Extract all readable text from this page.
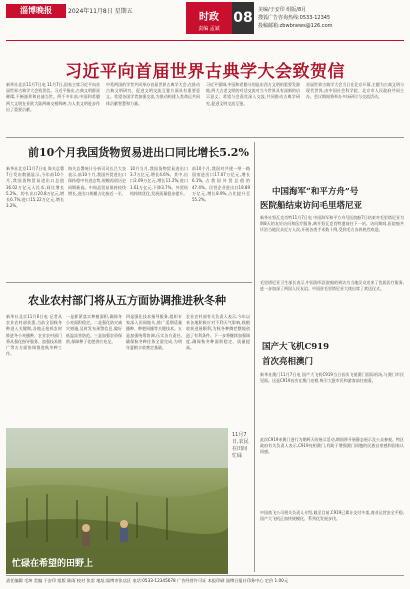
淄博晚报	2024年11月8日 星期五
时政
责编 孟斌
08 美编/于安印 组版/8月
搜狐广告咨询热线:0533-12345
投稿邮箱:zbwbnews@126.com
习近平向首届世界古典学大会致贺信
新华社北京11月7日电 11月7日,国家主席习近平向首届世界古典学大会致贺信。习近平指出,古典文明群星璀璨,不断滋养和启迪当世。两千多年前,中国和希腊两大文明在亚欧大陆两端交相辉映,为人类文明进步作出了重要贡献。
中希两国的学者共同举办首届世界古典学大会,在推动古典文明研究、促进文明交流互鉴方面具有重要意义。希望各国学者加强交流,为推动构建人类命运共同体贡献智慧和力量。
习近平强调,中国和希腊分别是东西方文明的重要发源地,两大古老文明的对话交流对当今世界具有深刻的启示意义。希望与会嘉宾深入交流,共同推动古典学研究,促进文明交流互鉴。
首届世界古典学大会当日在北京开幕,主题为古典文明与现代世界,由中国社会科学院、北京市人民政府共同主办。会议期间将举办多场研讨与交流活动。
前10个月我国货物贸易进出口同比增长5.2%
新华社北京11月7日电 海关总署7日发布数据显示,今年前10个月,我国货物贸易进出口总值36.02万亿元人民币,同比增长5.2%。其中,出口20.8万亿元,增长6.7%;进口15.22万亿元,增长3.2%。
海关总署统计分析司司长吕大良表示,前10个月,我国外贸进出口保持稳中有进态势,规模再创历史同期新高。中间品贸易保持较快增长,进出口规模占比接近一半。
10月当月,我国货物贸易进出口3.7万亿元,增长4.6%。其中,出口2.09万亿元,增长11.2%;进口1.61万亿元,下降3.7%。外贸结构持续优化,发展质量稳步提升。
前10个月,我国对共建一带一路国家进出口17.07万亿元,增长6.1%,占我国外贸总值的47.4%。民营企业进出口19.89万亿元,增长8.9%,占比提升至55.2%。
中国海军“和平方舟”号
医院船结束访问毛里塔尼亚
新华社努瓦克肖特11月7日电 中国海军和平方舟号医院船7日结束对毛里塔尼亚为期8天的友好访问和医疗服务,离开努瓦克肖特港前往下一站。访问期间,医院船共诊治当地民众近万人次,开展各类手术数十例,受到毛方各界热烈欢迎。
毛里塔尼亚卫生部长表示,中国海军医院船的到访为当地民众送来了优质医疗服务,进一步加深了两国人民友谊。中国驻毛里塔尼亚大使出席了欢送仪式。
农业农村部门将从五方面协调推进秋冬种
新华社北京11月6日电 记者从农业农村部获悉,当前全国秋冬种进入关键期,各地正抢抓农时推进冬小麦播种。农业农村部门将从强化指导服务、加强技术推广等五方面协调推进秋冬种工作。
一是抓紧落实种植面积,确保冬小麦面积稳定。二是强化防灾减灾措施,及时发布预警信息,做好低温冻害防范。三是加强农资保供,保障种子化肥供应充足。
四是强化技术指导服务,组织专家深入田间地头,推广适期适量播种、种肥同播等关键技术。五是加强统筹协调,压实各方责任,确保秋冬种任务全面完成,为明年夏粮丰收奠定基础。
农业农村部有关负责人表示,今年以来各地积极应对不利天气影响,秋粮收获进展顺利,为秋冬种腾茬整地创造了有利条件。下一步将继续加强调度,确保秋冬种面积稳定、质量提高。
忙碌在希望的田野上
11月7日,农民在田间忙碌
国产大飞机C919
首次亮相澳门
新华社澳门11月7日电 国产大飞机C919当日首次飞抵澳门国际机场,与澳门市民见面。这是C919首次在澳门亮相,吸引大批市民和游客前往观看。
此次C919来澳门进行为期两天的展示活动,期间将开展静态展示及公众参观。特区政府有关负责人表示,C919亮相澳门,有助于增强澳门同胞的民族自豪感和国家认同感。
中国商飞公司相关负责人介绍,截至目前,C919已累计交付多架,商业运营安全平稳,国产大飞机正加快规模化、系列化发展步伐。
责任编辑 毛坤 美编 于安印 组版 陈雨 校对 张雷 地址:淄博市张店区 电话:0533-12345678 广告经营许可证 本报印刷 淄博日报社印务中心 定价 1.00元
